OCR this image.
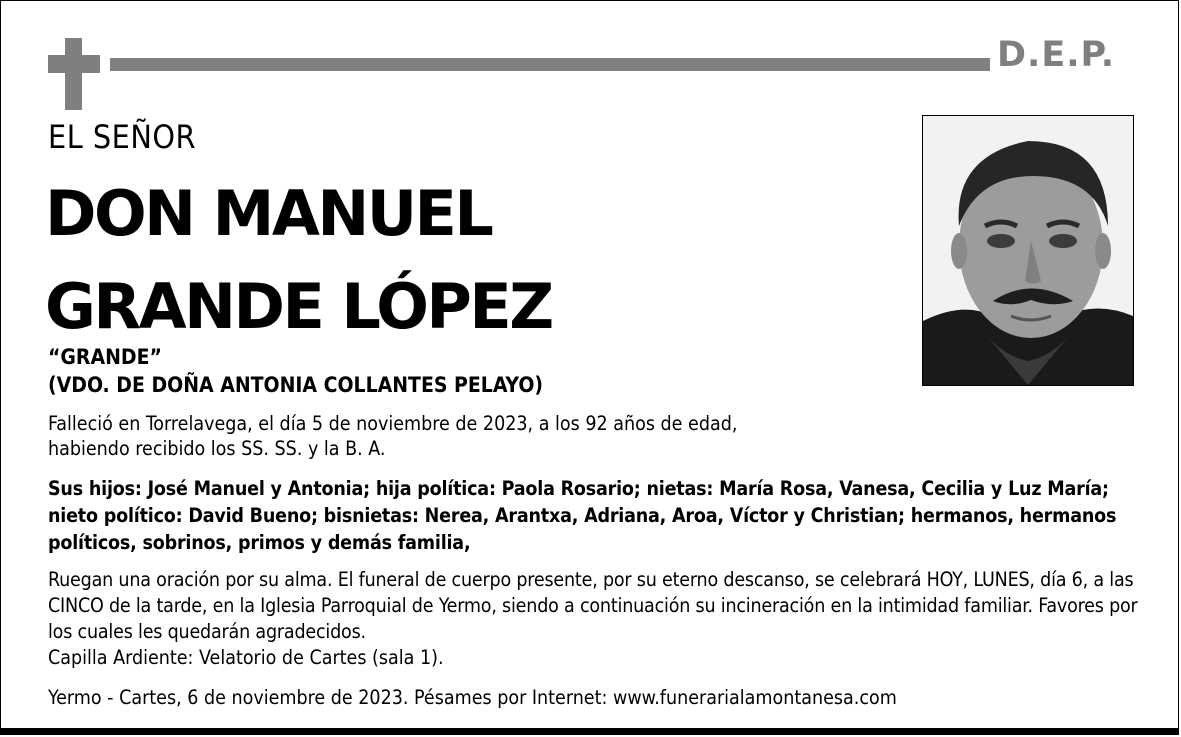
D.E.P.
EL SEÑOR
DON MANUEL
GRANDE LÓPEZ
“GRANDE”
(VDO. DE DOÑA ANTONIA COLLANTES PELAYO)
Falleció en Torrelavega, el día 5 de noviembre de 2023, a los 92 años de edad,
habiendo recibido los SS. SS. y la B. A.
Sus hijos: José Manuel y Antonia; hija política: Paola Rosario; nietas: María Rosa, Vanesa, Cecilia y Luz María; nieto político: David Bueno; bisnietas: Nerea, Arantxa, Adriana, Aroa, Víctor y Christian; hermanos, hermanos políticos, sobrinos, primos y demás familia,
Ruegan una oración por su alma. El funeral de cuerpo presente, por su eterno descanso, se celebrará HOY, LUNES, día 6, a las CINCO de la tarde, en la Iglesia Parroquial de Yermo, siendo a continuación su incineración en la intimidad familiar. Favores por los cuales les quedarán agradecidos.
Capilla Ardiente: Velatorio de Cartes (sala 1).
Yermo - Cartes, 6 de noviembre de 2023. Pésames por Internet: www.funerarialamontanesa.com
